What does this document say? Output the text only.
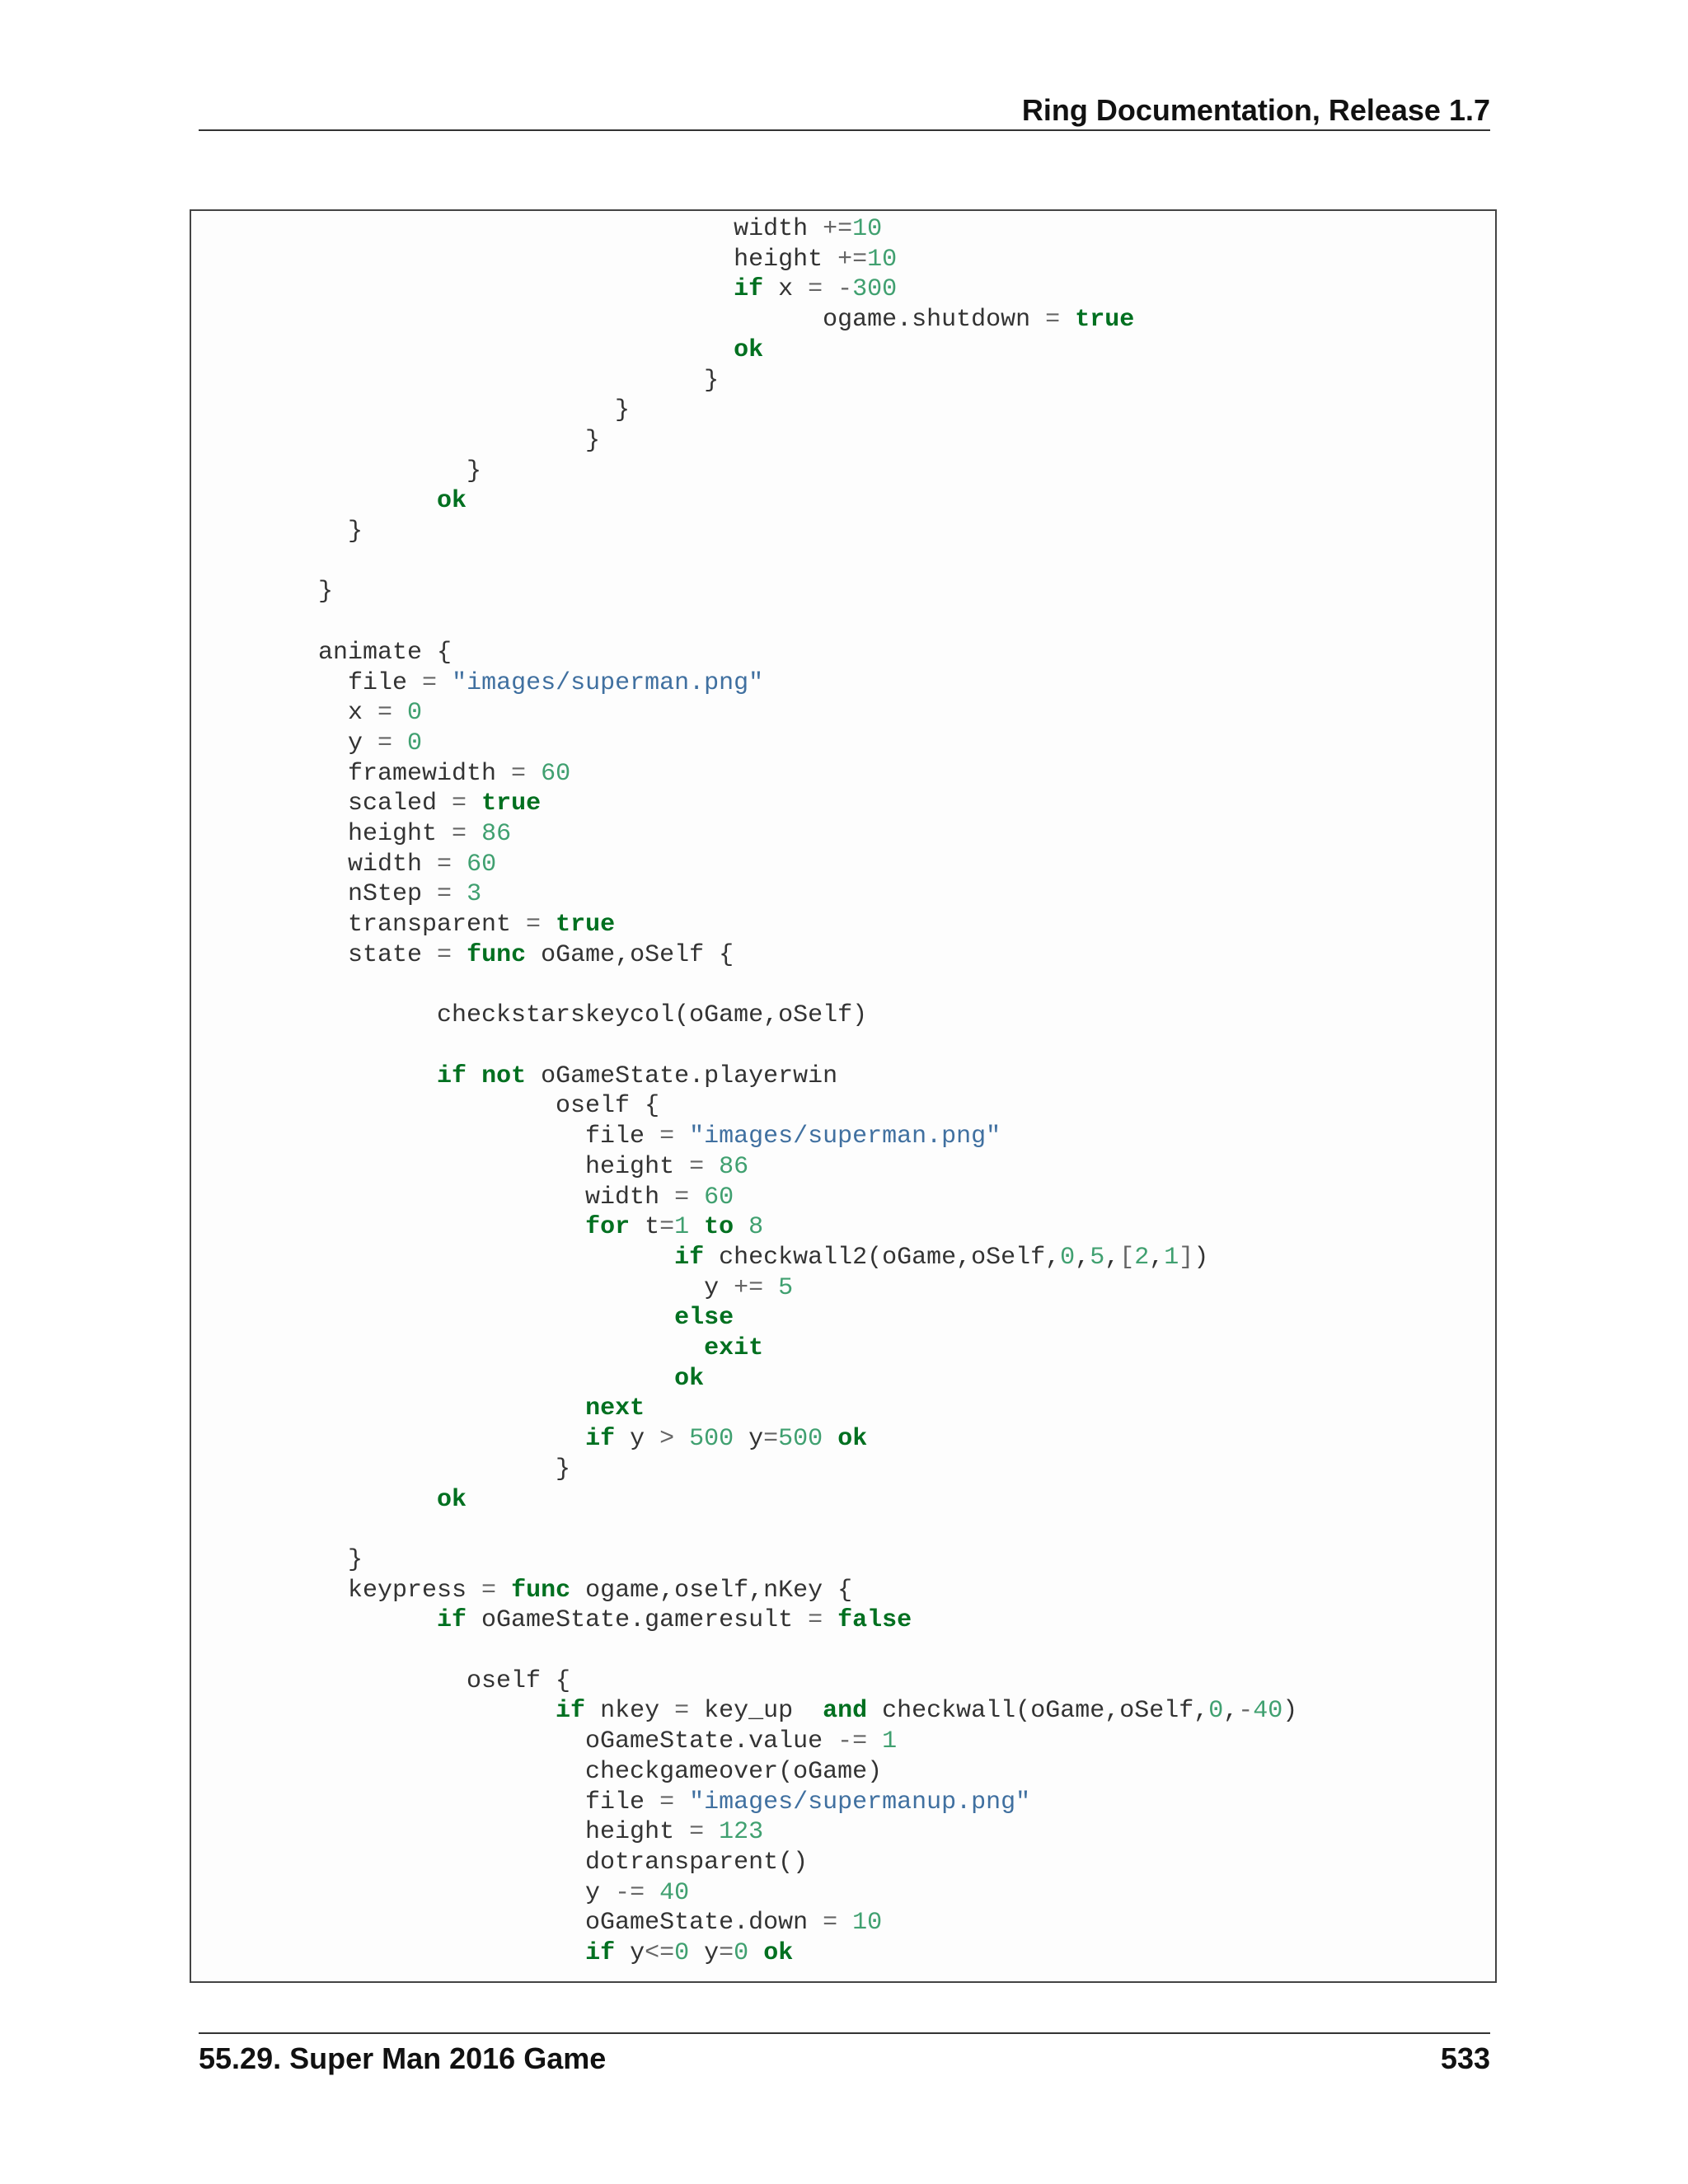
Ring Documentation, Release 1.7
width +=10
height +=10
if x = -300
ogame.shutdown = true
ok
}
}
}
}
ok
}

}

animate {
file = "images/superman.png"
x = 0
y = 0
framewidth = 60
scaled = true
height = 86
width = 60
nStep = 3
transparent = true
state = func oGame,oSelf {

checkstarskeycol(oGame,oSelf)

if not oGameState.playerwin
oself {
file = "images/superman.png"
height = 86
width = 60
for t=1 to 8
if checkwall2(oGame,oSelf,0,5,[2,1])
y += 5
else
exit
ok
next
if y > 500 y=500 ok
}
ok

}
keypress = func ogame,oself,nKey {
if oGameState.gameresult = false

oself {
if nkey = key_up  and checkwall(oGame,oSelf,0,-40)
oGameState.value -= 1
checkgameover(oGame)
file = "images/supermanup.png"
height = 123
dotransparent()
y -= 40
oGameState.down = 10
if y<=0 y=0 ok
55.29. Super Man 2016 Game	533
